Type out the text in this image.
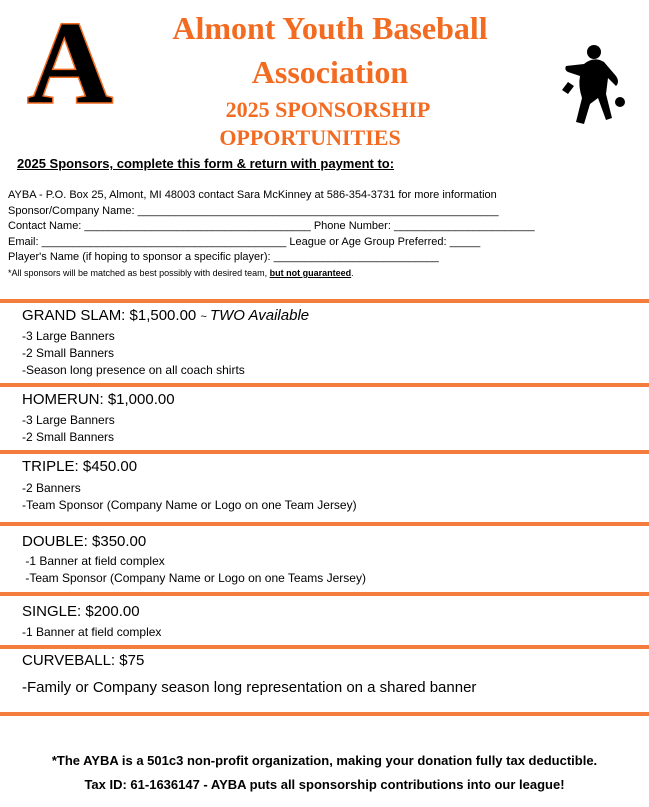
A	Almont Youth Baseball
Association
2025 SPONSORSHIP
OPPORTUNITIES
2025 Sponsors, complete this form & return with payment to:
AYBA - P.O. Box 25, Almont, MI 48003 contact Sara McKinney at 586-354-3731 for more information
Sponsor/Company Name: ___________________________________________________________
Contact Name: _____________________________________ Phone Number: _______________________
Email: ________________________________________ League or Age Group Preferred: _____
Player's Name (if hoping to sponsor a specific player): ___________________________
*All sponsors will be matched as best possibly with desired team, but not guaranteed.
GRAND SLAM: $1,500.00 ~ TWO Available
-3 Large Banners
-2 Small Banners
-Season long presence on all coach shirts
HOMERUN: $1,000.00
-3 Large Banners
-2 Small Banners
TRIPLE: $450.00
-2 Banners
-Team Sponsor (Company Name or Logo on one Team Jersey)
DOUBLE: $350.00
-1 Banner at field complex
-Team Sponsor (Company Name or Logo on one Teams Jersey)
SINGLE: $200.00
-1 Banner at field complex
CURVEBALL: $75
-Family or Company season long representation on a shared banner
*The AYBA is a 501c3 non-profit organization, making your donation fully tax deductible.
Tax ID: 61-1636147 - AYBA puts all sponsorship contributions into our league!
